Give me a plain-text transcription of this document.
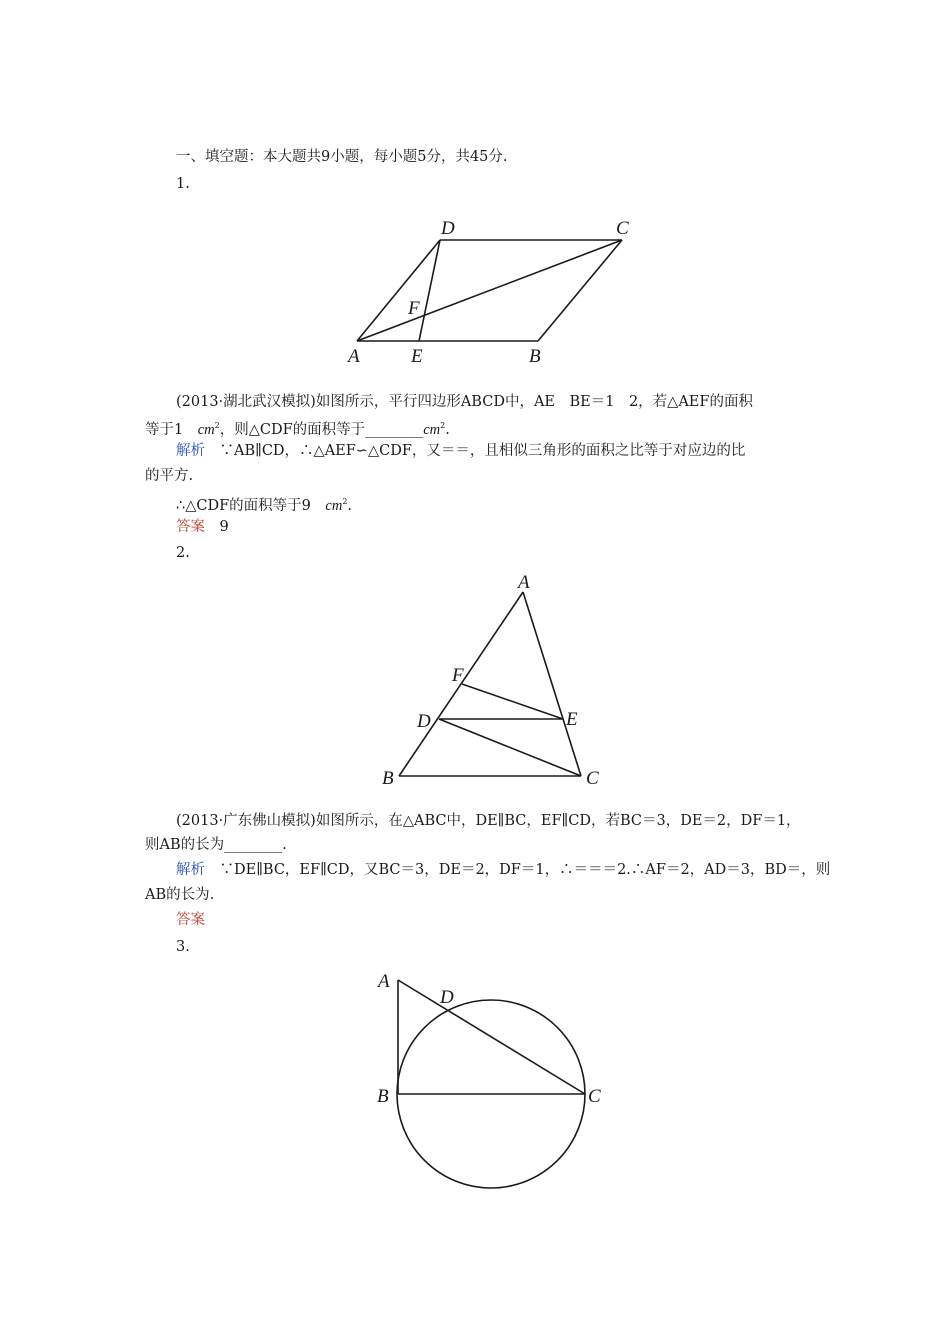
一、填空题：本大题共9小题，每小题5分，共45分.
1.
D	C
F
A	E	B
(2013·湖北武汉模拟)如图所示，平行四边形ABCD中，AE　BE＝1　2，若△AEF的面积
等于1　$cm^2$，则△CDF的面积等于$\_\_\_\_\_\_\_\_cm^2$.
解析　 ∵AB∥CD，∴△AEF∽△CDF，又＝＝，且相似三角形的面积之比等于对应边的比
的平方.
∴△CDF的面积等于9　$cm^2$.
答案　 9
2.
A
F
D	E
B	C
(2013·广东佛山模拟)如图所示，在△ABC中，DE∥BC，EF∥CD，若BC＝3，DE＝2，DF＝1，
则AB的长为________.
解析　 ∵DE∥BC，EF∥CD，又BC＝3，DE＝2，DF＝1，∴＝＝＝2.∴AF＝2，AD＝3，BD＝，则
AB的长为.
答案
3.
A
D
B	C
